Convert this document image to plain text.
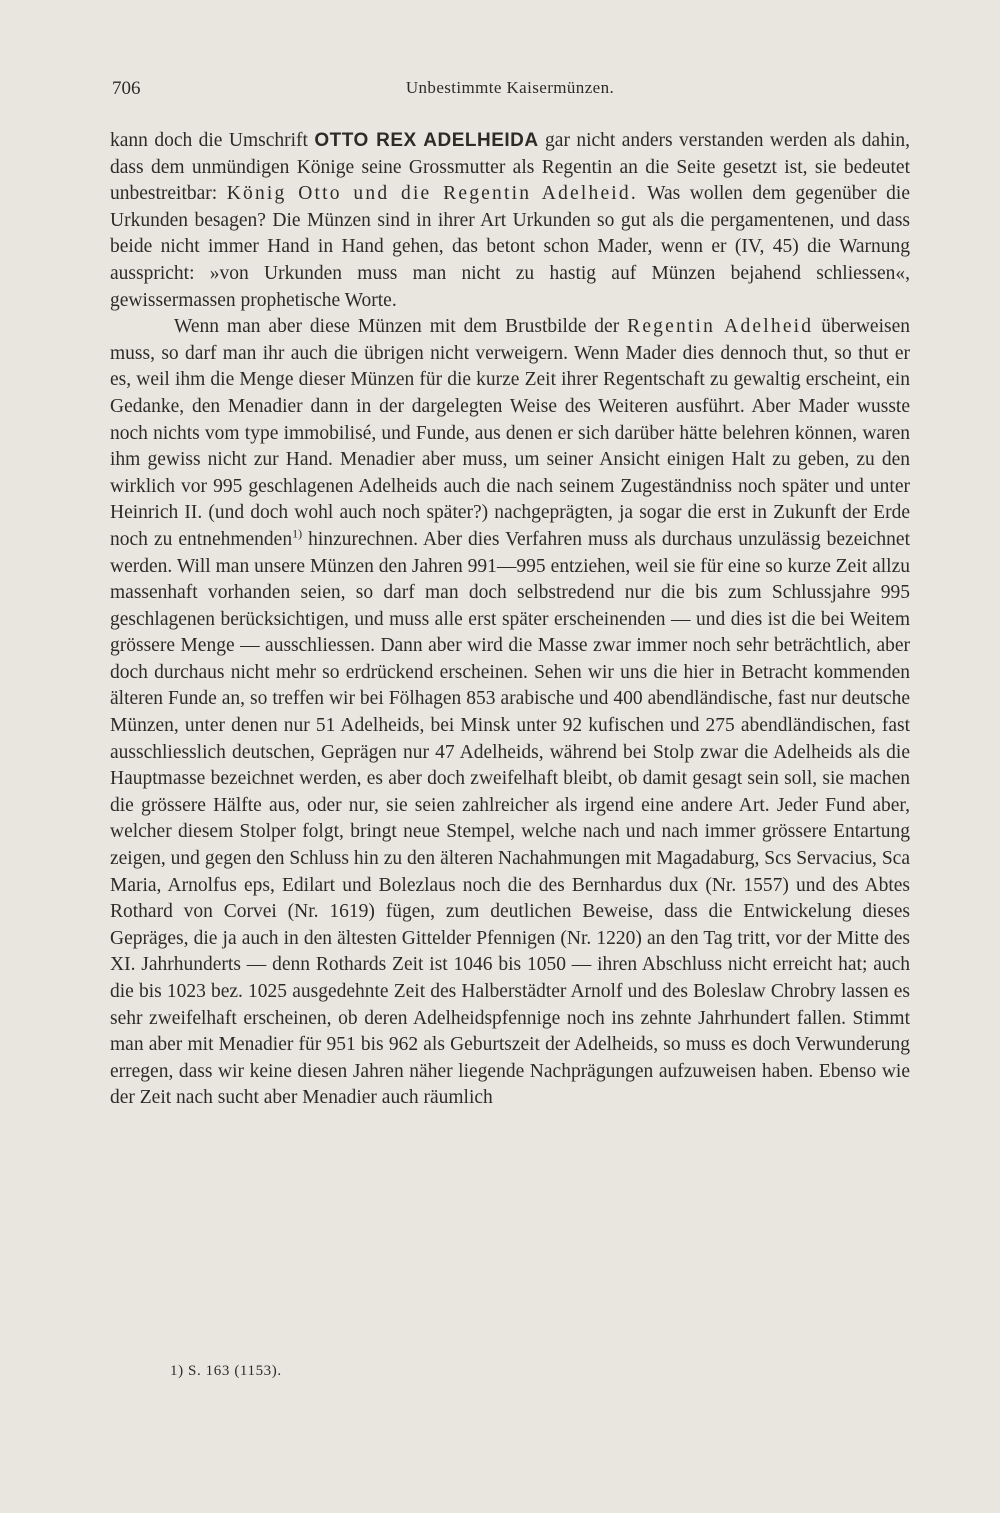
706	Unbestimmte Kaisermünzen.

kann doch die Umschrift OTTO REX ADELHEIDA gar nicht anders verstanden werden als dahin, dass dem unmündigen Könige seine Grossmutter als Regentin an die Seite gesetzt ist, sie bedeutet unbestreitbar: König Otto und die Regentin Adelheid. Was wollen dem gegenüber die Urkunden besagen? Die Münzen sind in ihrer Art Urkunden so gut als die pergamentenen, und dass beide nicht immer Hand in Hand gehen, das betont schon Mader, wenn er (IV, 45) die Warnung ausspricht: »von Urkunden muss man nicht zu hastig auf Münzen bejahend schliessen«, gewissermassen prophetische Worte.

Wenn man aber diese Münzen mit dem Brustbilde der Regentin Adelheid überweisen muss, so darf man ihr auch die übrigen nicht verweigern. Wenn Mader dies dennoch thut, so thut er es, weil ihm die Menge dieser Münzen für die kurze Zeit ihrer Regentschaft zu gewaltig erscheint, ein Gedanke, den Menadier dann in der dargelegten Weise des Weiteren ausführt. Aber Mader wusste noch nichts vom type immobilisé, und Funde, aus denen er sich darüber hätte belehren können, waren ihm gewiss nicht zur Hand. Menadier aber muss, um seiner Ansicht einigen Halt zu geben, zu den wirklich vor 995 geschlagenen Adelheids auch die nach seinem Zugeständniss noch später und unter Heinrich II. (und doch wohl auch noch später?) nachgeprägten, ja sogar die erst in Zukunft der Erde noch zu entnehmenden$^{1)}$ hinzurechnen. Aber dies Verfahren muss als durchaus unzulässig bezeichnet werden. Will man unsere Münzen den Jahren 991—995 entziehen, weil sie für eine so kurze Zeit allzu massenhaft vorhanden seien, so darf man doch selbstredend nur die bis zum Schlussjahre 995 geschlagenen berücksichtigen, und muss alle erst später erscheinenden — und dies ist die bei Weitem grössere Menge — ausschliessen. Dann aber wird die Masse zwar immer noch sehr beträchtlich, aber doch durchaus nicht mehr so erdrückend erscheinen. Sehen wir uns die hier in Betracht kommenden älteren Funde an, so treffen wir bei Fölhagen 853 arabische und 400 abendländische, fast nur deutsche Münzen, unter denen nur 51 Adelheids, bei Minsk unter 92 kufischen und 275 abendländischen, fast ausschliesslich deutschen, Geprägen nur 47 Adelheids, während bei Stolp zwar die Adelheids als die Hauptmasse bezeichnet werden, es aber doch zweifelhaft bleibt, ob damit gesagt sein soll, sie machen die grössere Hälfte aus, oder nur, sie seien zahlreicher als irgend eine andere Art. Jeder Fund aber, welcher diesem Stolper folgt, bringt neue Stempel, welche nach und nach immer grössere Entartung zeigen, und gegen den Schluss hin zu den älteren Nachahmungen mit Magadaburg, Scs Servacius, Sca Maria, Arnolfus eps, Edilart und Bolezlaus noch die des Bernhardus dux (Nr. 1557) und des Abtes Rothard von Corvei (Nr. 1619) fügen, zum deutlichen Beweise, dass die Entwickelung dieses Gepräges, die ja auch in den ältesten Gittelder Pfennigen (Nr. 1220) an den Tag tritt, vor der Mitte des XI. Jahrhunderts — denn Rothards Zeit ist 1046 bis 1050 — ihren Abschluss nicht erreicht hat; auch die bis 1023 bez. 1025 ausgedehnte Zeit des Halberstädter Arnolf und des Boleslaw Chrobry lassen es sehr zweifelhaft erscheinen, ob deren Adelheidspfennige noch ins zehnte Jahrhundert fallen. Stimmt man aber mit Menadier für 951 bis 962 als Geburtszeit der Adelheids, so muss es doch Verwunderung erregen, dass wir keine diesen Jahren näher liegende Nachprägungen aufzuweisen haben. Ebenso wie der Zeit nach sucht aber Menadier auch räumlich

1) S. 163 (1153).
